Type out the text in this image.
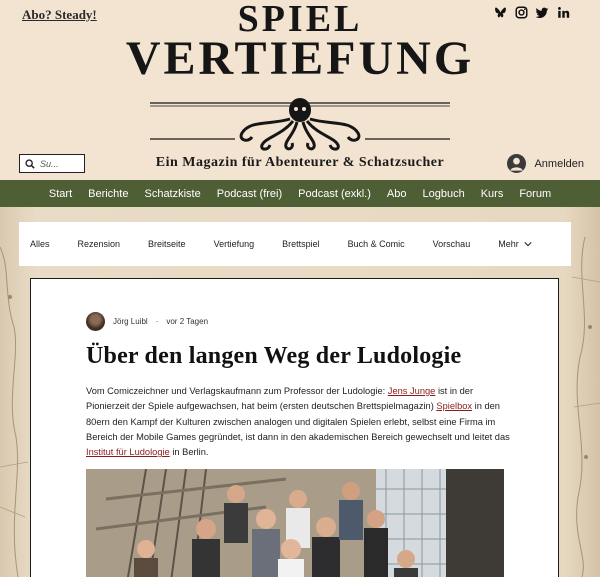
Abo? Steady!	SPIEL
VERTIEFUNG
Su...
Ein Magazin für Abenteurer & Schatzsucher	Anmelden
Start	Berichte	Schatzkiste	Podcast (frei)	Podcast (exkl.)	Abo	Logbuch	Kurs	Forum
Alles	Rezension	Breitseite	Vertiefung	Brettspiel	Buch & Comic	Vorschau	Mehr
Jörg Luibl · vor 2 Tagen
Über den langen Weg der Ludologie

Vom Comiczeichner und Verlagskaufmann zum Professor der Ludologie: Jens Junge ist in der Pionierzeit der Spiele aufgewachsen, hat beim (ersten deutschen Brettspielmagazin) Spielbox in den 80ern den Kampf der Kulturen zwischen analogen und digitalen Spielen erlebt, selbst eine Firma im Bereich der Mobile Games gegründet, ist dann in den akademischen Bereich gewechselt und leitet das Institut für Ludologie in Berlin.
